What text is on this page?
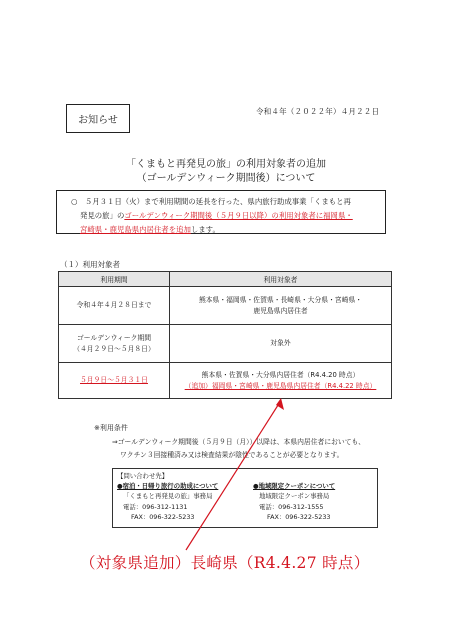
お知らせ
令和４年（２０２２年）４月２２日
「くまもと再発見の旅」の利用対象者の追加
（ゴールデンウィーク期間後）について
○　５月３１日（火）まで利用期間の延長を行った、県内旅行助成事業「くまもと再
発見の旅」のゴールデンウィーク期間後（５月９日以降）の利用対象者に福岡県・
宮崎県・鹿児島県内居住者を追加します。
（１）利用対象者
利用期間	利用対象者

令和４年４月２８日まで	熊本県・福岡県・佐賀県・長崎県・大分県・宮崎県・
鹿児島県内居住者

ゴールデンウィーク期間
（４月２９日～５月８日）	対象外

５月９日～５月３１日	熊本県・佐賀県・大分県内居住者（R4.4.20 時点）
（追加）福岡県・宮崎県・鹿児島県内居住者（R4.4.22 時点）
※利用条件
⇒ゴールデンウィーク期間後（５月９日（月））以降は、本県内居住者においても、
ワクチン３回接種済み又は検査結果が陰性であることが必要となります。
【問い合わせ先】
●宿泊・日帰り旅行の助成について
「くまもと再発見の旅」事務局
電話：096-312-1131
FAX：096-322-5233
●地域限定クーポンについて
地域限定クーポン事務局
電話：096-312-1555
FAX：096-322-5233
（対象県追加）長崎県（R4.4.27 時点）
